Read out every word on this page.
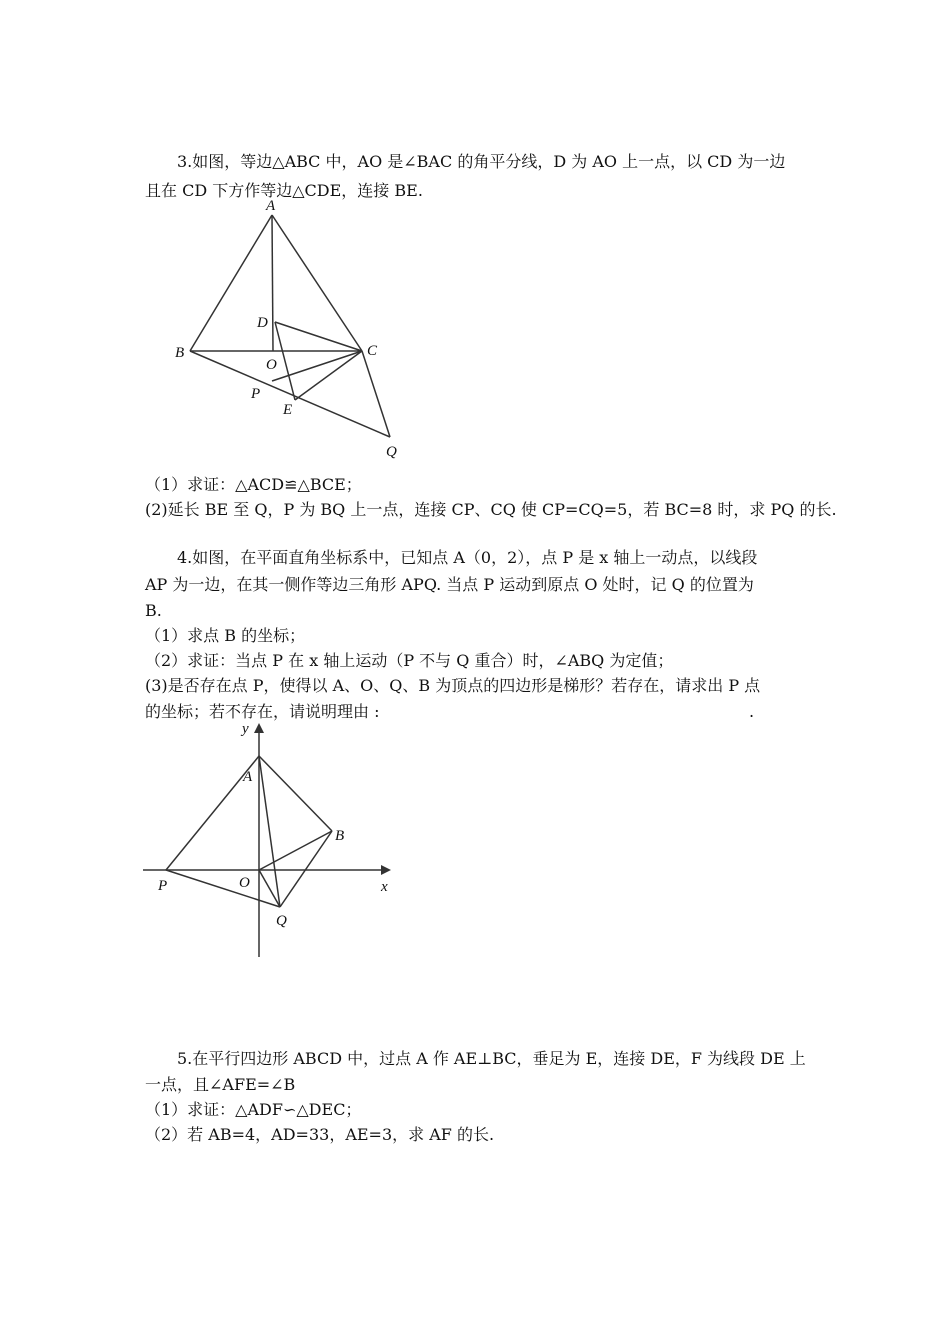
3.如图，等边△ABC 中，AO 是∠BAC 的角平分线，D 为 AO 上一点，以 CD 为一边
且在 CD 下方作等边△CDE，连接 BE.
A
D
B	C
O
P
E
Q
（1）求证：△ACD≌△BCE；
(2)延长 BE 至 Q，P 为 BQ 上一点，连接 CP、CQ 使 CP=CQ=5，若 BC=8 时，求 PQ 的长.
4.如图，在平面直角坐标系中，已知点 A（0，2），点 P 是 x 轴上一动点，以线段
AP 为一边，在其一侧作等边三角形 APQ. 当点 P 运动到原点 O 处时，记 Q 的位置为
B.
（1）求点 B 的坐标；
（2）求证：当点 P 在 x 轴上运动（P 不与 Q 重合）时，∠ABQ 为定值；
(3)是否存在点 P，使得以 A、O、Q、B 为顶点的四边形是梯形？若存在，请求出 P 点
的坐标；若不存在，请说明理由 :	.
y
A
B
O
P	x
Q
5.在平行四边形 ABCD 中，过点 A 作 AE⊥BC，垂足为 E，连接 DE，F 为线段 DE 上
一点，且∠AFE=∠B
（1）求证：△ADF∽△DEC；
（2）若 AB=4，AD=33，AE=3，求 AF 的长.
